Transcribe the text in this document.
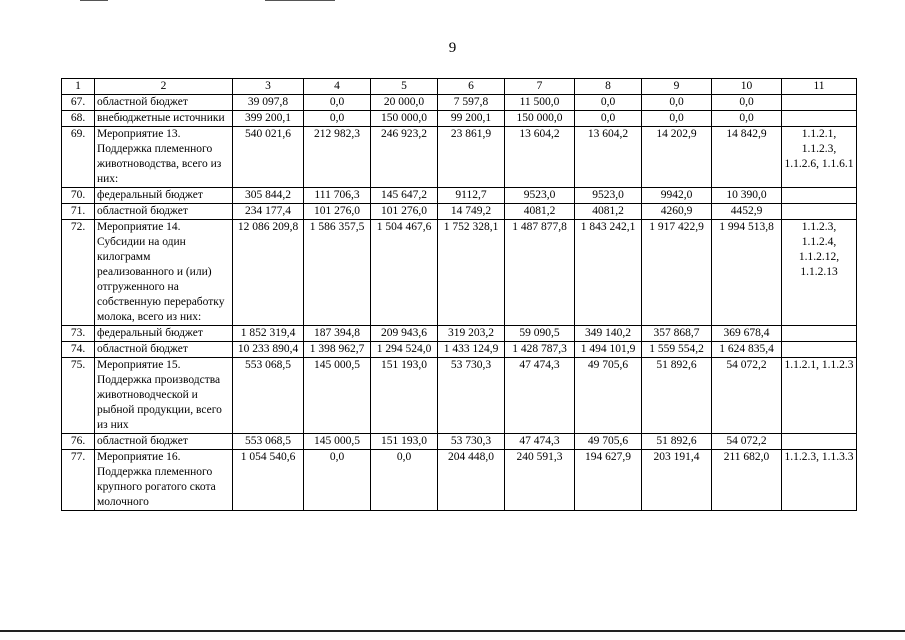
9
1	2	3	4	5	6	7	8	9	10	11
67.	областной бюджет	39 097,8	0,0	20 000,0	7 597,8	11 500,0	0,0	0,0	0,0	
68.	внебюджетные источники	399 200,1	0,0	150 000,0	99 200,1	150 000,0	0,0	0,0	0,0	
69.	Мероприятие 13. Поддержка племенного животноводства, всего из них:	540 021,6	212 982,3	246 923,2	23 861,9	13 604,2	13 604,2	14 202,9	14 842,9	1.1.2.1, 1.1.2.3, 1.1.2.6, 1.1.6.1
70.	федеральный бюджет	305 844,2	111 706,3	145 647,2	9112,7	9523,0	9523,0	9942,0	10 390,0	
71.	областной бюджет	234 177,4	101 276,0	101 276,0	14 749,2	4081,2	4081,2	4260,9	4452,9	
72.	Мероприятие 14. Субсидии на один килограмм реализованного и (или) отгруженного на собственную переработку молока, всего из них:	12 086 209,8	1 586 357,5	1 504 467,6	1 752 328,1	1 487 877,8	1 843 242,1	1 917 422,9	1 994 513,8	1.1.2.3, 1.1.2.4, 1.1.2.12, 1.1.2.13
73.	федеральный бюджет	1 852 319,4	187 394,8	209 943,6	319 203,2	59 090,5	349 140,2	357 868,7	369 678,4	
74.	областной бюджет	10 233 890,4	1 398 962,7	1 294 524,0	1 433 124,9	1 428 787,3	1 494 101,9	1 559 554,2	1 624 835,4	
75.	Мероприятие 15. Поддержка производства животноводческой и рыбной продукции, всего из них	553 068,5	145 000,5	151 193,0	53 730,3	47 474,3	49 705,6	51 892,6	54 072,2	1.1.2.1, 1.1.2.3
76.	областной бюджет	553 068,5	145 000,5	151 193,0	53 730,3	47 474,3	49 705,6	51 892,6	54 072,2	
77.	Мероприятие 16. Поддержка племенного крупного рогатого скота молочного	1 054 540,6	0,0	0,0	204 448,0	240 591,3	194 627,9	203 191,4	211 682,0	1.1.2.3, 1.1.3.3
